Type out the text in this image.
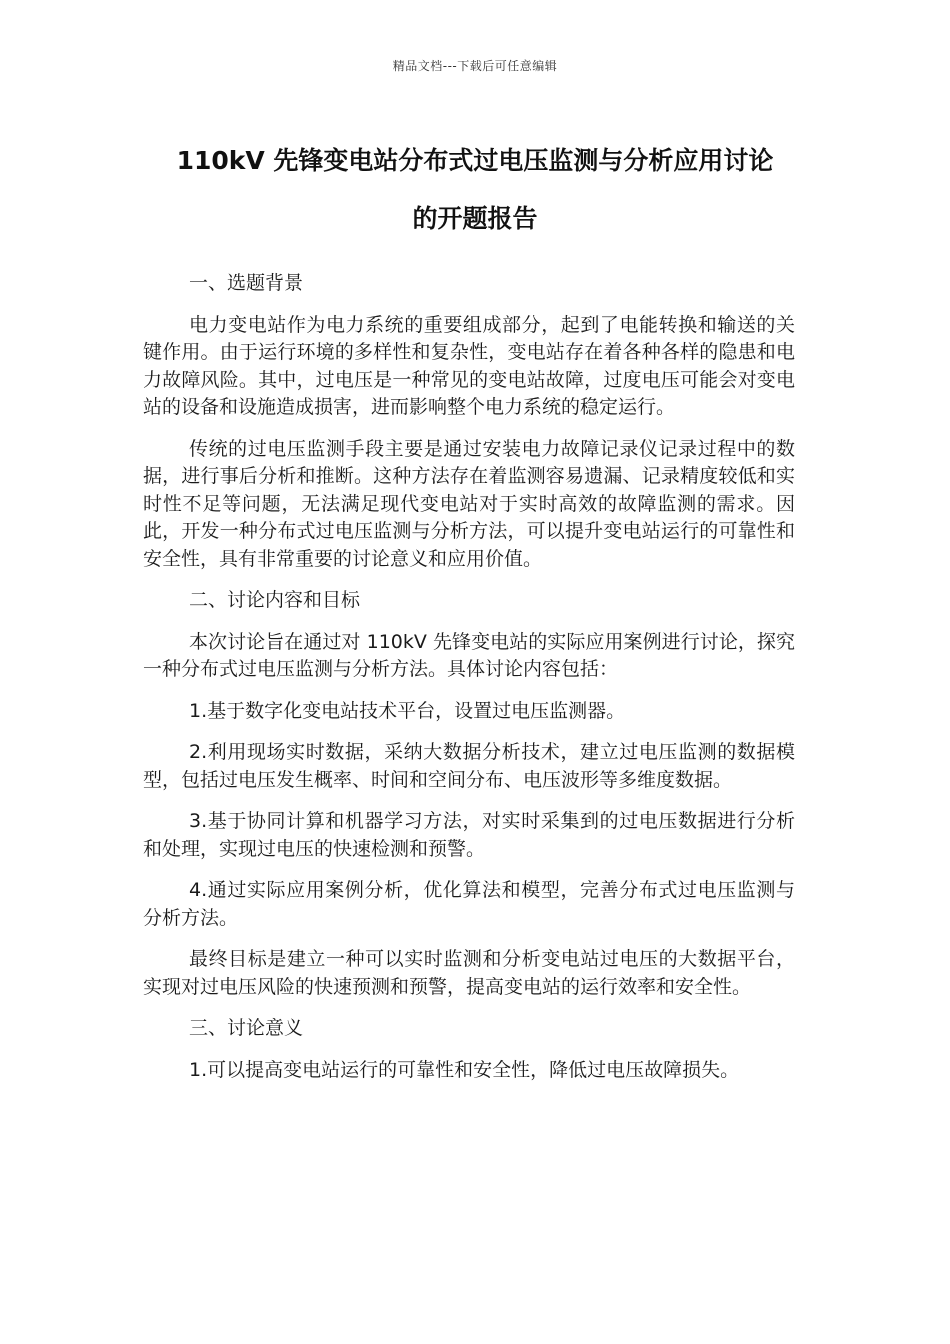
精品文档---下载后可任意编辑
110kV 先锋变电站分布式过电压监测与分析应用讨论
的开题报告

一、选题背景

电力变电站作为电力系统的重要组成部分，起到了电能转换和输送的关键作用。由于运行环境的多样性和复杂性，变电站存在着各种各样的隐患和电力故障风险。其中，过电压是一种常见的变电站故障，过度电压可能会对变电站的设备和设施造成损害，进而影响整个电力系统的稳定运行。

传统的过电压监测手段主要是通过安装电力故障记录仪记录过程中的数据，进行事后分析和推断。这种方法存在着监测容易遗漏、记录精度较低和实时性不足等问题，无法满足现代变电站对于实时高效的故障监测的需求。因此，开发一种分布式过电压监测与分析方法，可以提升变电站运行的可靠性和安全性，具有非常重要的讨论意义和应用价值。

二、讨论内容和目标

本次讨论旨在通过对 110kV 先锋变电站的实际应用案例进行讨论，探究一种分布式过电压监测与分析方法。具体讨论内容包括：

1.基于数字化变电站技术平台，设置过电压监测器。

2.利用现场实时数据，采纳大数据分析技术，建立过电压监测的数据模型，包括过电压发生概率、时间和空间分布、电压波形等多维度数据。

3.基于协同计算和机器学习方法，对实时采集到的过电压数据进行分析和处理，实现过电压的快速检测和预警。

4.通过实际应用案例分析，优化算法和模型，完善分布式过电压监测与分析方法。

最终目标是建立一种可以实时监测和分析变电站过电压的大数据平台，实现对过电压风险的快速预测和预警，提高变电站的运行效率和安全性。

三、讨论意义

1.可以提高变电站运行的可靠性和安全性，降低过电压故障损失。
